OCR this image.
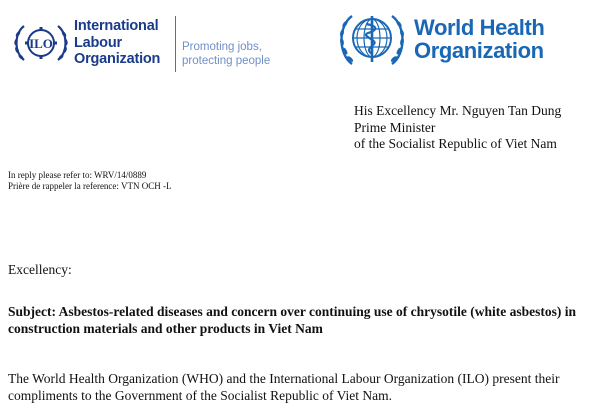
ILO
International
Labour
Organization
Promoting jobs,
protecting people
World Health
Organization
His Excellency Mr. Nguyen Tan Dung
Prime Minister
of the Socialist Republic of Viet Nam
In reply please refer to: WRV/14/0889
Prière de rappeler la reference: VTN OCH -L
Excellency:
Subject: Asbestos-related diseases and concern over continuing use of chrysotile (white asbestos) in construction materials and other products in Viet Nam
The World Health Organization (WHO) and the International Labour Organization (ILO) present their compliments to the Government of the Socialist Republic of Viet Nam.
